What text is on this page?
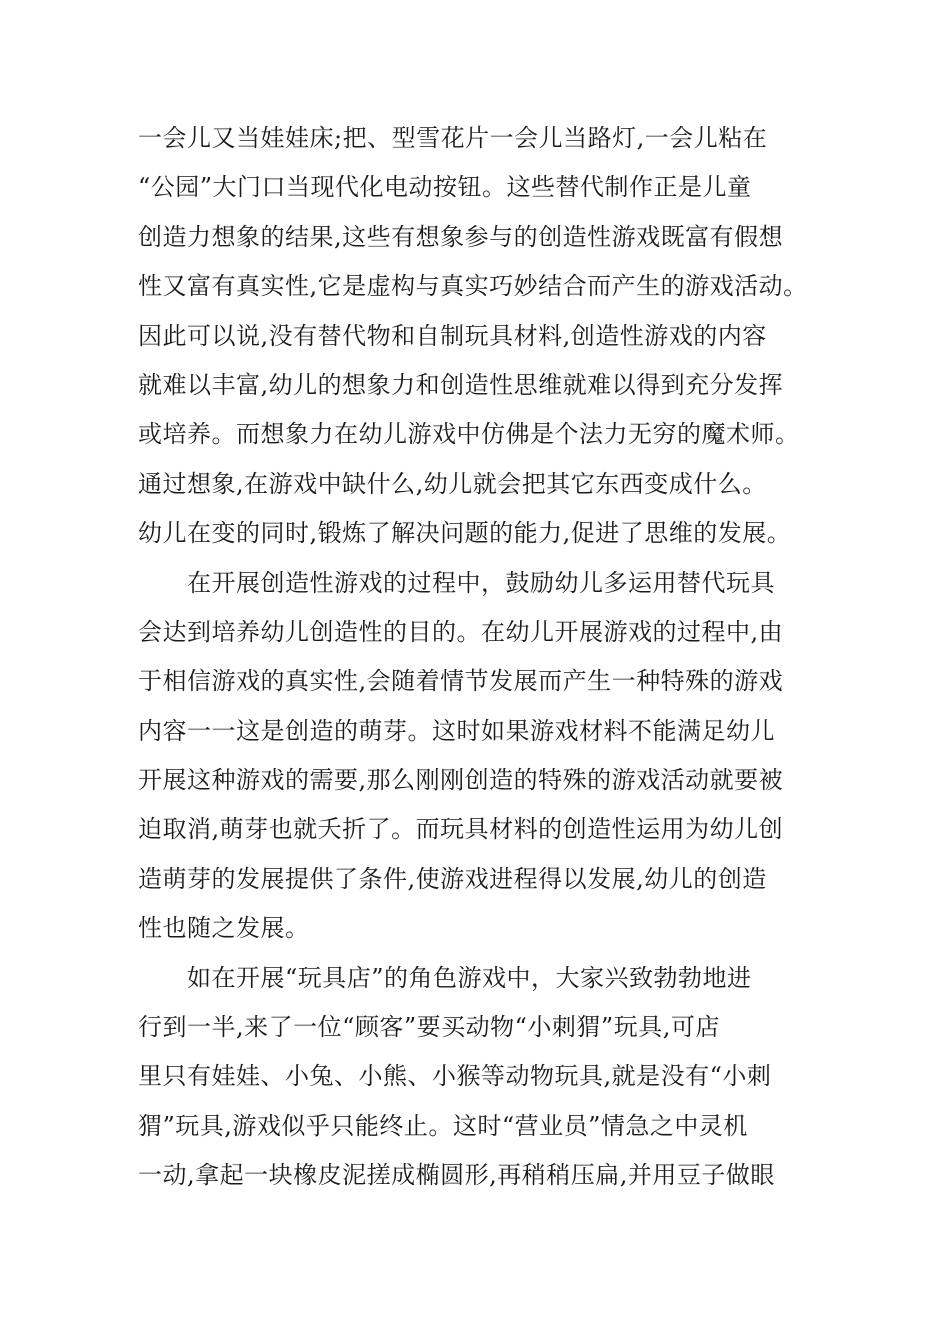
一会儿又当娃娃床;把、型雪花片一会儿当路灯,一会儿粘在
“公园”大门口当现代化电动按钮。这些替代制作正是儿童
创造力想象的结果,这些有想象参与的创造性游戏既富有假想
性又富有真实性,它是虚构与真实巧妙结合而产生的游戏活动。
因此可以说,没有替代物和自制玩具材料,创造性游戏的内容
就难以丰富,幼儿的想象力和创造性思维就难以得到充分发挥
或培养。而想象力在幼儿游戏中仿佛是个法力无穷的魔术师。
通过想象,在游戏中缺什么,幼儿就会把其它东西变成什么。
幼儿在变的同时,锻炼了解决问题的能力,促进了思维的发展。
　　在开展创造性游戏的过程中，鼓励幼儿多运用替代玩具
会达到培养幼儿创造性的目的。在幼儿开展游戏的过程中,由
于相信游戏的真实性,会随着情节发展而产生一种特殊的游戏
内容一一这是创造的萌芽。这时如果游戏材料不能满足幼儿
开展这种游戏的需要,那么刚刚创造的特殊的游戏活动就要被
迫取消,萌芽也就夭折了。而玩具材料的创造性运用为幼儿创
造萌芽的发展提供了条件,使游戏进程得以发展,幼儿的创造
性也随之发展。
　　如在开展“玩具店”的角色游戏中，大家兴致勃勃地进
行到一半,来了一位“顾客”要买动物“小刺猬”玩具,可店
里只有娃娃、小兔、小熊、小猴等动物玩具,就是没有“小刺
猬”玩具,游戏似乎只能终止。这时“营业员”情急之中灵机
一动,拿起一块橡皮泥搓成椭圆形,再稍稍压扁,并用豆子做眼
